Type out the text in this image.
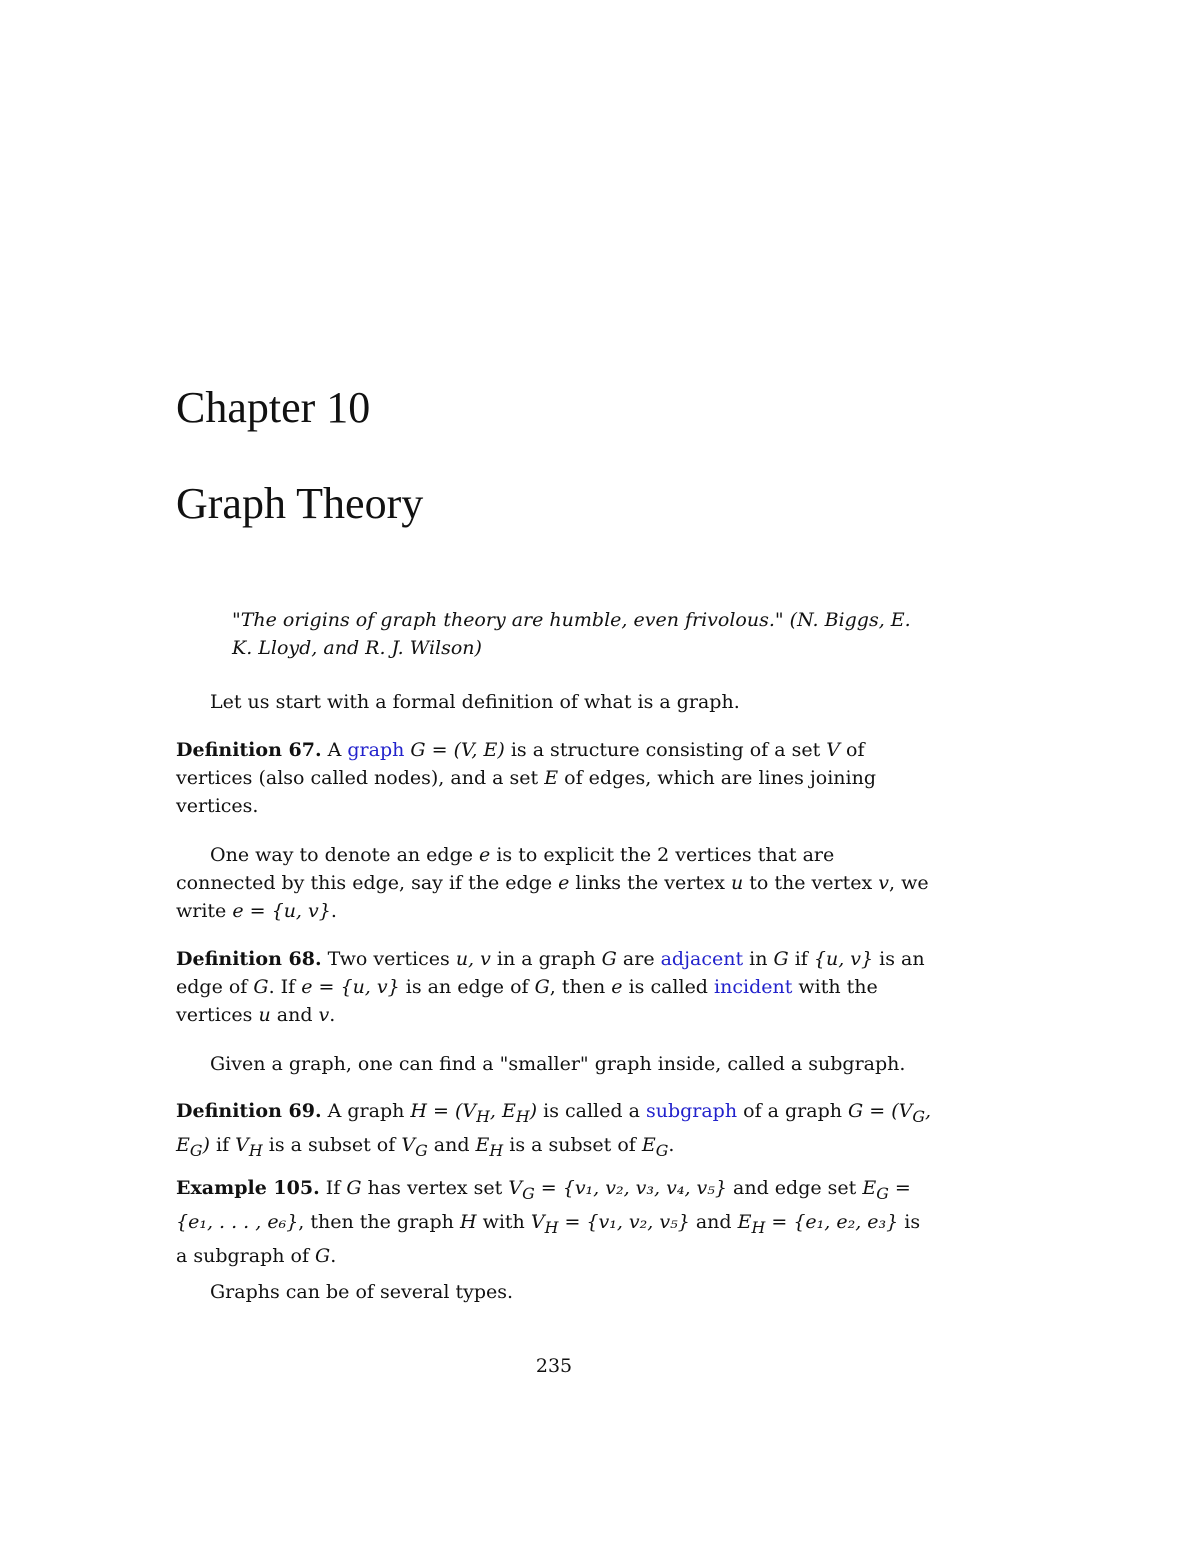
Chapter 10
Graph Theory
"The origins of graph theory are humble, even frivolous." (N. Biggs, E. K. Lloyd, and R. J. Wilson)
Let us start with a formal definition of what is a graph.
Definition 67. A graph G = (V, E) is a structure consisting of a set V of vertices (also called nodes), and a set E of edges, which are lines joining vertices.
One way to denote an edge e is to explicit the 2 vertices that are connected by this edge, say if the edge e links the vertex u to the vertex v, we write e = {u, v}.
Definition 68. Two vertices u, v in a graph G are adjacent in G if {u, v} is an edge of G. If e = {u, v} is an edge of G, then e is called incident with the vertices u and v.
Given a graph, one can find a "smaller" graph inside, called a subgraph.
Definition 69. A graph $H = (V_H$, $E_H$) is called a subgraph of a graph $G = (V_G$, $E_G$) if $V_H$ is a subset of $V_G$ and $E_H$ is a subset of $E_G$.
Example 105. If G has vertex set $V_G = \{v_1$, v₂, v₃, v₄, v₅} and edge set $E_G = \{e_1$, . . . , e₆}, then the graph H with $V_H = \{v_1$, v₂, v₅} and $E_H = \{e_1$, e₂, e₃} is a subgraph of G.
Graphs can be of several types.
235
